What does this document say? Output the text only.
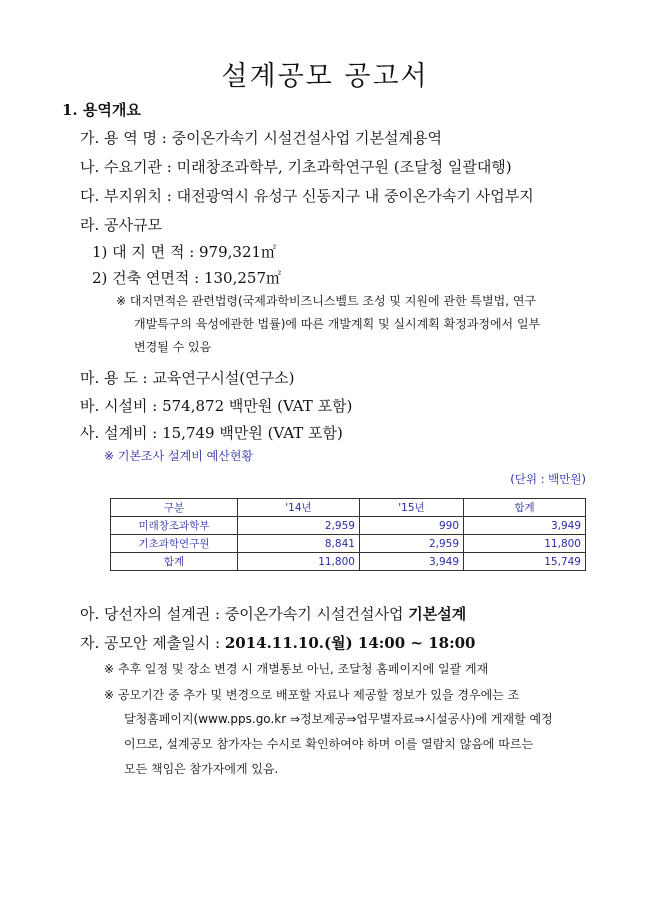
설계공모 공고서
1. 용역개요
가. 용 역 명 : 중이온가속기 시설건설사업 기본설계용역
나. 수요기관 : 미래창조과학부, 기초과학연구원 (조달청 일괄대행)
다. 부지위치 : 대전광역시 유성구 신동지구 내 중이온가속기 사업부지
라. 공사규모
1) 대 지 면 적 : 979,321㎡
2) 건축 연면적 : 130,257㎡
※ 대지면적은 관련법령(국제과학비즈니스벨트 조성 및 지원에 관한 특별법, 연구
개발특구의 육성에관한 법률)에 따른 개발계획 및 실시계획 확정과정에서 일부
변경될 수 있음
마. 용 도 : 교육연구시설(연구소)
바. 시설비 : 574,872 백만원 (VAT 포함)
사. 설계비 : 15,749 백만원 (VAT 포함)
※ 기본조사 설계비 예산현황
(단위 : 백만원)
구분	'14년	'15년	합계
미래창조과학부	2,959	990	3,949
기초과학연구원	8,841	2,959	11,800
합계	11,800	3,949	15,749
아. 당선자의 설계권 : 중이온가속기 시설건설사업 기본설계
자. 공모안 제출일시 : 2014.11.10.(월) 14:00 ~ 18:00
※ 추후 일정 및 장소 변경 시 개별통보 아닌, 조달청 홈페이지에 일괄 게재
※ 공모기간 중 추가 및 변경으로 배포할 자료나 제공할 정보가 있을 경우에는 조
달청홈페이지(www.pps.go.kr ⇒정보제공⇒업무별자료⇒시설공사)에 게재할 예정
이므로, 설계공모 참가자는 수시로 확인하여야 하며 이를 열람치 않음에 따르는
모든 책임은 참가자에게 있음.
